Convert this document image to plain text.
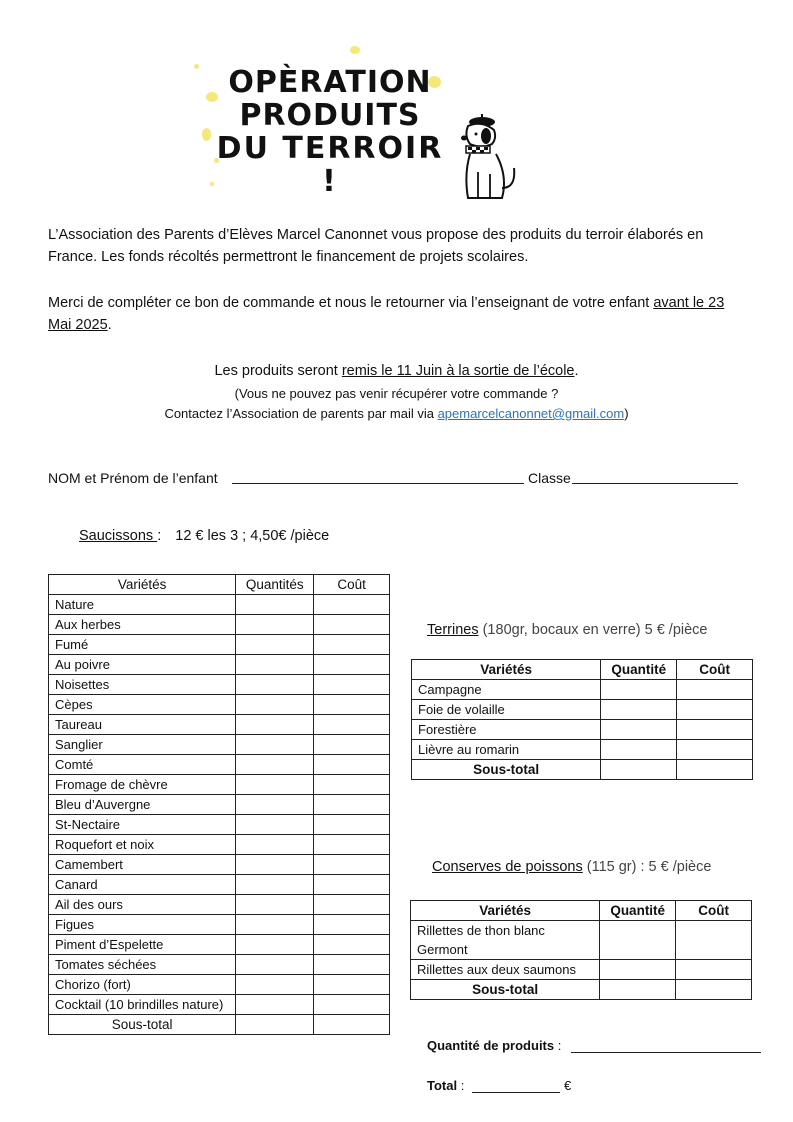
OPÈRATION
PRODUITS
DU TERROIR !

L’Association des Parents d’Elèves Marcel Canonnet vous propose des produits du terroir élaborés en France. Les fonds récoltés permettront le financement de projets scolaires.

Merci de compléter ce bon de commande et nous le retourner via l’enseignant de votre enfant avant le 23 Mai 2025.

Les produits seront remis le 11 Juin à la sortie de l’école.

(Vous ne pouvez pas venir récupérer votre commande ?

Contactez l’Association de parents par mail via apemarcelcanonnet@gmail.com)

NOM et Prénom de l’enfant	Classe
Saucissons : 12 € les 3 ; 4,50€ /pièce
Variétés	Quantités	Coût
Nature		
Aux herbes		
Fumé		
Au poivre		
Noisettes		
Cèpes		
Taureau		
Sanglier		
Comté		
Fromage de chèvre		
Bleu d’Auvergne		
St-Nectaire		
Roquefort et noix		
Camembert		
Canard		
Ail des ours		
Figues		
Piment d’Espelette		
Tomates séchées		
Chorizo (fort)		
Cocktail (10 brindilles nature)		
Sous-total		
Terrines (180gr, bocaux en verre) 5 € /pièce
Variétés	Quantité	Coût
Campagne		
Foie de volaille		
Forestière		
Lièvre au romarin		
Sous-total		
Conserves de poissons (115 gr) : 5 € /pièce
Variétés	Quantité	Coût
Rillettes de thon blanc Germont		
Rillettes aux deux saumons		
Sous-total		
Quantité de produits :
Total :	€
